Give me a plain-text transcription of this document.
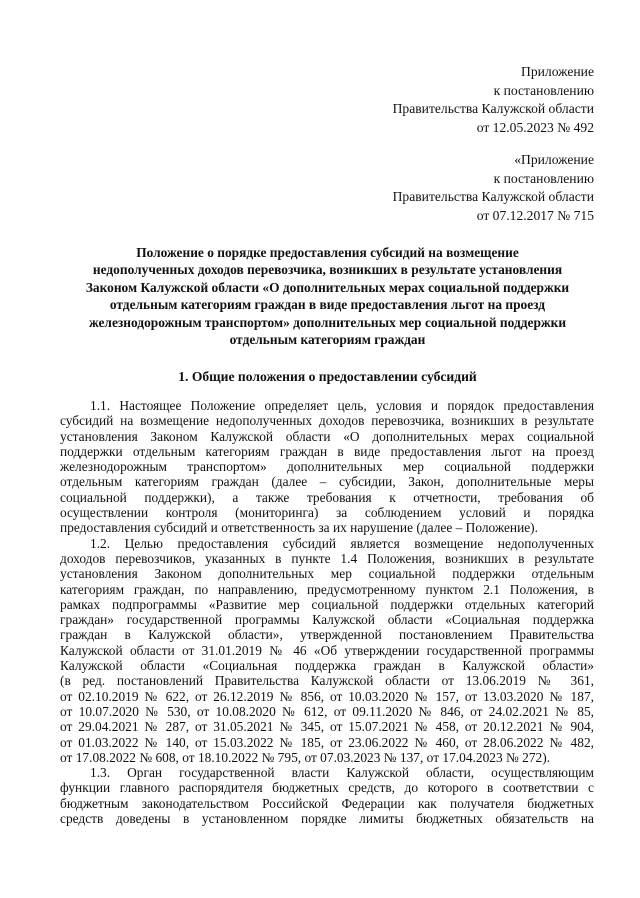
Приложение
к постановлению
Правительства Калужской области
от 12.05.2023 № 492
«Приложение
к постановлению
Правительства Калужской области
от 07.12.2017 № 715
Положение о порядке предоставления субсидий на возмещение
недополученных доходов перевозчика, возникших в результате установления
Законом Калужской области «О дополнительных мерах социальной поддержки
отдельным категориям граждан в виде предоставления льгот на проезд
железнодорожным транспортом» дополнительных мер социальной поддержки
отдельным категориям граждан
1. Общие положения о предоставлении субсидий
1.1. Настоящее Положение определяет цель, условия и порядок предоставления
субсидий на возмещение недополученных доходов перевозчика, возникших в результате
установления Законом Калужской области «О дополнительных мерах социальной
поддержки отдельным категориям граждан в виде предоставления льгот на проезд
железнодорожным транспортом» дополнительных мер социальной поддержки
отдельным категориям граждан (далее – субсидии, Закон, дополнительные меры
социальной поддержки), а также требования к отчетности, требования об
осуществлении контроля (мониторинга) за соблюдением условий и порядка
предоставления субсидий и ответственность за их нарушение (далее – Положение).
1.2. Целью предоставления субсидий является возмещение недополученных
доходов перевозчиков, указанных в пункте 1.4 Положения, возникших в результате
установления Законом дополнительных мер социальной поддержки отдельным
категориям граждан, по направлению, предусмотренному пунктом 2.1 Положения, в
рамках подпрограммы «Развитие мер социальной поддержки отдельных категорий
граждан» государственной программы Калужской области «Социальная поддержка
граждан в Калужской области», утвержденной постановлением Правительства
Калужской области от 31.01.2019 № 46 «Об утверждении государственной программы
Калужской области «Социальная поддержка граждан в Калужской области»
(в ред. постановлений Правительства Калужской области от 13.06.2019 № 361,
от 02.10.2019 № 622, от 26.12.2019 № 856, от 10.03.2020 № 157, от 13.03.2020 № 187,
от 10.07.2020 № 530, от 10.08.2020 № 612, от 09.11.2020 № 846, от 24.02.2021 № 85,
от 29.04.2021 № 287, от 31.05.2021 № 345, от 15.07.2021 № 458, от 20.12.2021 № 904,
от 01.03.2022 № 140, от 15.03.2022 № 185, от 23.06.2022 № 460, от 28.06.2022 № 482,
от 17.08.2022 № 608, от 18.10.2022 № 795, от 07.03.2023 № 137, от 17.04.2023 № 272).
1.3. Орган государственной власти Калужской области, осуществляющим
функции главного распорядителя бюджетных средств, до которого в соответствии с
бюджетным законодательством Российской Федерации как получателя бюджетных
средств доведены в установленном порядке лимиты бюджетных обязательств на
